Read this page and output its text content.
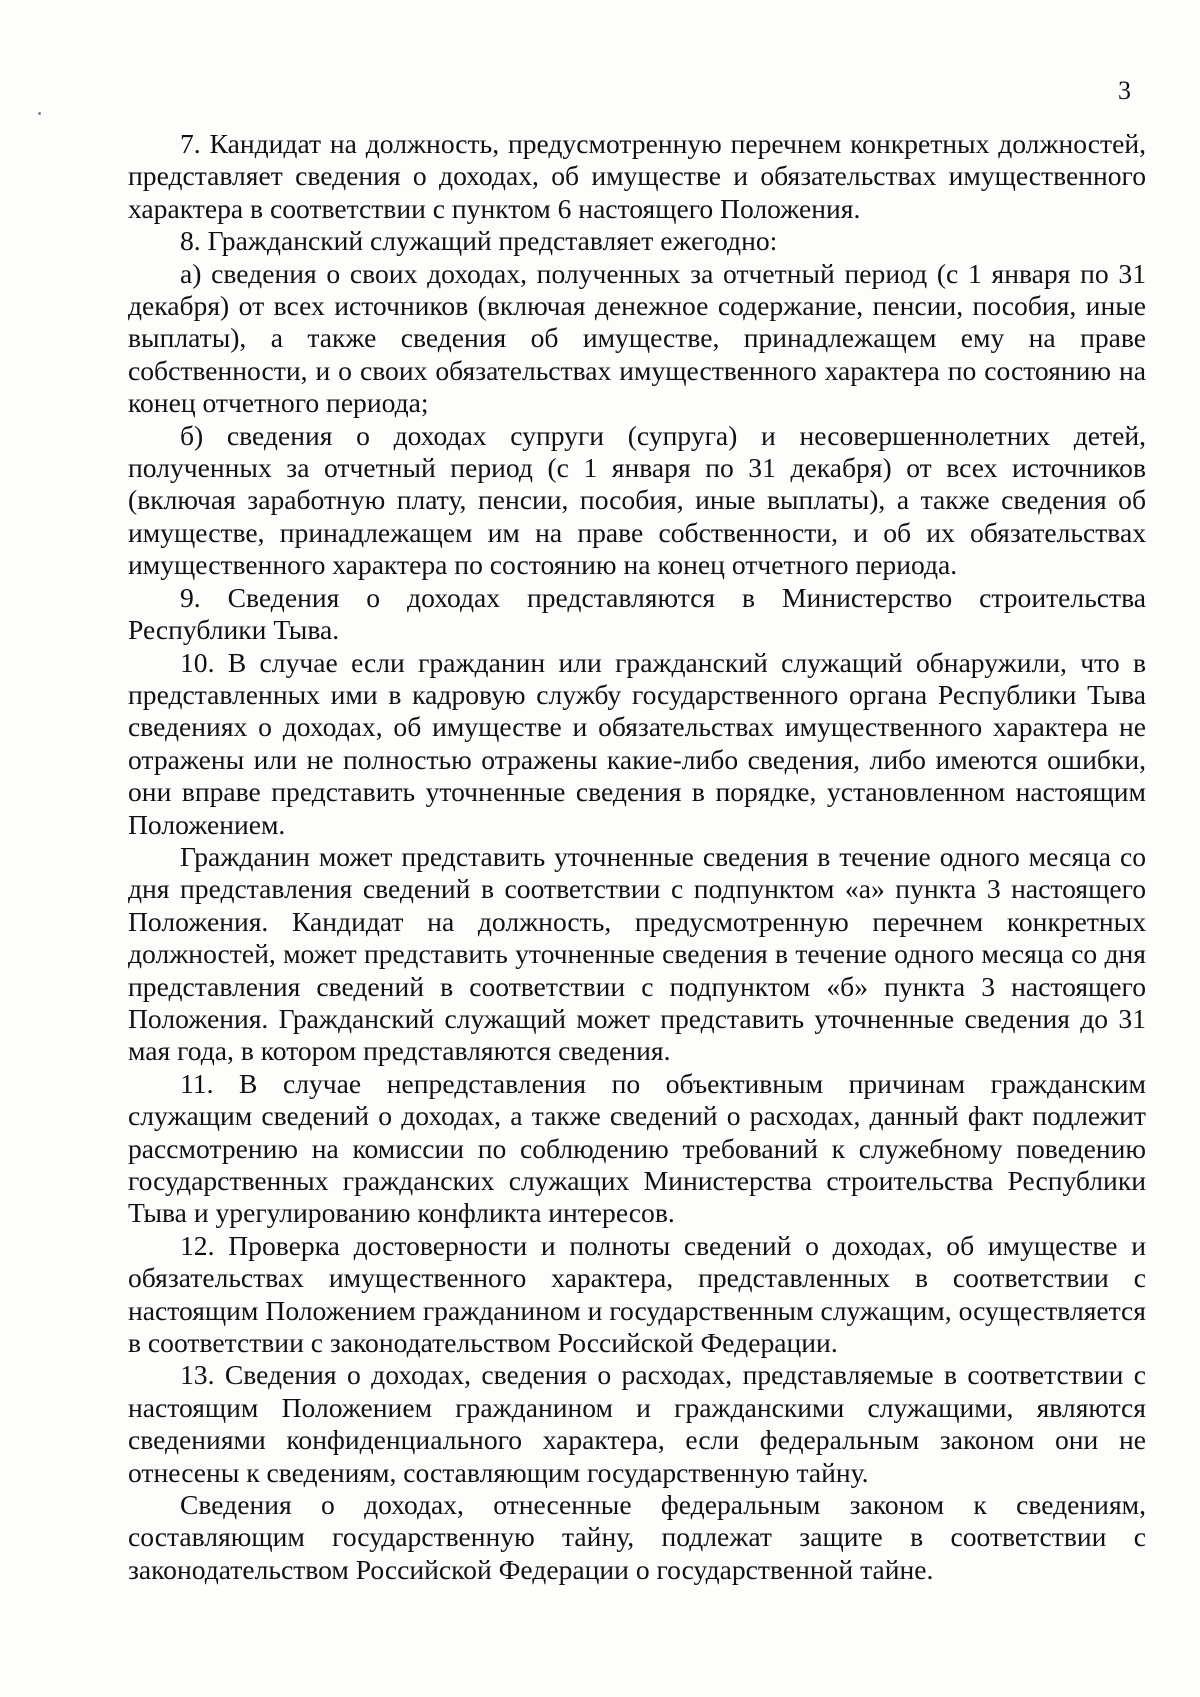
3

7. Кандидат на должность, предусмотренную перечнем конкретных должностей, представляет сведения о доходах, об имуществе и обязательствах имущественного характера в соответствии с пунктом 6 настоящего Положения.

8. Гражданский служащий представляет ежегодно:

а) сведения о своих доходах, полученных за отчетный период (с 1 января по 31 декабря) от всех источников (включая денежное содержание, пенсии, пособия, иные выплаты), а также сведения об имуществе, принадлежащем ему на праве собственности, и о своих обязательствах имущественного характера по состоянию на конец отчетного периода;

б) сведения о доходах супруги (супруга) и несовершеннолетних детей, полученных за отчетный период (с 1 января по 31 декабря) от всех источников (включая заработную плату, пенсии, пособия, иные выплаты), а также сведения об имуществе, принадлежащем им на праве собственности, и об их обязательствах имущественного характера по состоянию на конец отчетного периода.

9. Сведения о доходах представляются в Министерство строительства Республики Тыва.

10. В случае если гражданин или гражданский служащий обнаружили, что в представленных ими в кадровую службу государственного органа Республики Тыва сведениях о доходах, об имуществе и обязательствах имущественного характера не отражены или не полностью отражены какие-либо сведения, либо имеются ошибки, они вправе представить уточненные сведения в порядке, установленном настоящим Положением.

Гражданин может представить уточненные сведения в течение одного месяца со дня представления сведений в соответствии с подпунктом «а» пункта 3 настоящего Положения. Кандидат на должность, предусмотренную перечнем конкретных должностей, может представить уточненные сведения в течение одного месяца со дня представления сведений в соответствии с подпунктом «б» пункта 3 настоящего Положения. Гражданский служащий может представить уточненные сведения до 31 мая года, в котором представляются сведения.

11. В случае непредставления по объективным причинам гражданским служащим сведений о доходах, а также сведений о расходах, данный факт подлежит рассмотрению на комиссии по соблюдению требований к служебному поведению государственных гражданских служащих Министерства строительства Республики Тыва и урегулированию конфликта интересов.

12. Проверка достоверности и полноты сведений о доходах, об имуществе и обязательствах имущественного характера, представленных в соответствии с настоящим Положением гражданином и государственным служащим, осуществляется в соответствии с законодательством Российской Федерации.

13. Сведения о доходах, сведения о расходах, представляемые в соответствии с настоящим Положением гражданином и гражданскими служащими, являются сведениями конфиденциального характера, если федеральным законом они не отнесены к сведениям, составляющим государственную тайну.

Сведения о доходах, отнесенные федеральным законом к сведениям, составляющим государственную тайну, подлежат защите в соответствии с законодательством Российской Федерации о государственной тайне.
